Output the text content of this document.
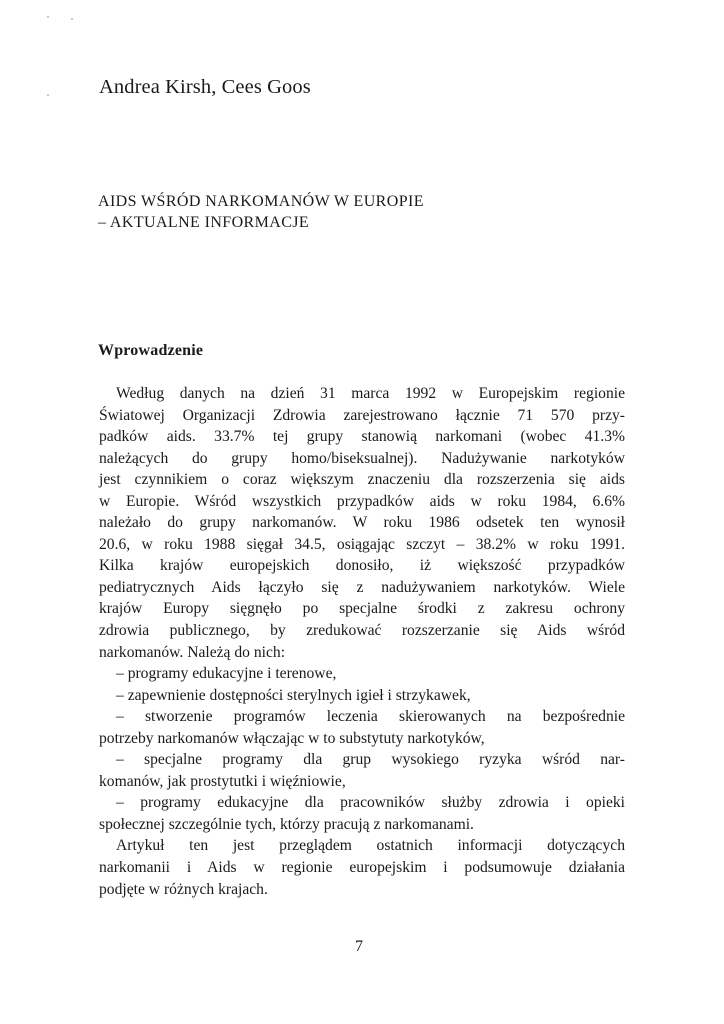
Andrea Kirsh, Cees Goos
AIDS WŚRÓD NARKOMANÓW W EUROPIE
– AKTUALNE INFORMACJE
Wprowadzenie
Według danych na dzień 31 marca 1992 w Europejskim regionie
Światowej Organizacji Zdrowia zarejestrowano łącznie 71 570 przy-
padków aids. 33.7% tej grupy stanowią narkomani (wobec 41.3%
należących do grupy homo/biseksualnej). Nadużywanie narkotyków
jest czynnikiem o coraz większym znaczeniu dla rozszerzenia się aids
w Europie. Wśród wszystkich przypadków aids w roku 1984, 6.6%
należało do grupy narkomanów. W roku 1986 odsetek ten wynosił
20.6, w roku 1988 sięgał 34.5, osiągając szczyt – 38.2% w roku 1991.
Kilka krajów europejskich donosiło, iż większość przypadków
pediatrycznych Aids łączyło się z nadużywaniem narkotyków. Wiele
krajów Europy sięgnęło po specjalne środki z zakresu ochrony
zdrowia publicznego, by zredukować rozszerzanie się Aids wśród
narkomanów. Należą do nich:
– programy edukacyjne i terenowe,
– zapewnienie dostępności sterylnych igieł i strzykawek,
– stworzenie programów leczenia skierowanych na bezpośrednie
potrzeby narkomanów włączając w to substytuty narkotyków,
– specjalne programy dla grup wysokiego ryzyka wśród nar-
komanów, jak prostytutki i więźniowie,
– programy edukacyjne dla pracowników służby zdrowia i opieki
społecznej szczególnie tych, którzy pracują z narkomanami.
Artykuł ten jest przeglądem ostatnich informacji dotyczących
narkomanii i Aids w regionie europejskim i podsumowuje działania
podjęte w różnych krajach.
7
